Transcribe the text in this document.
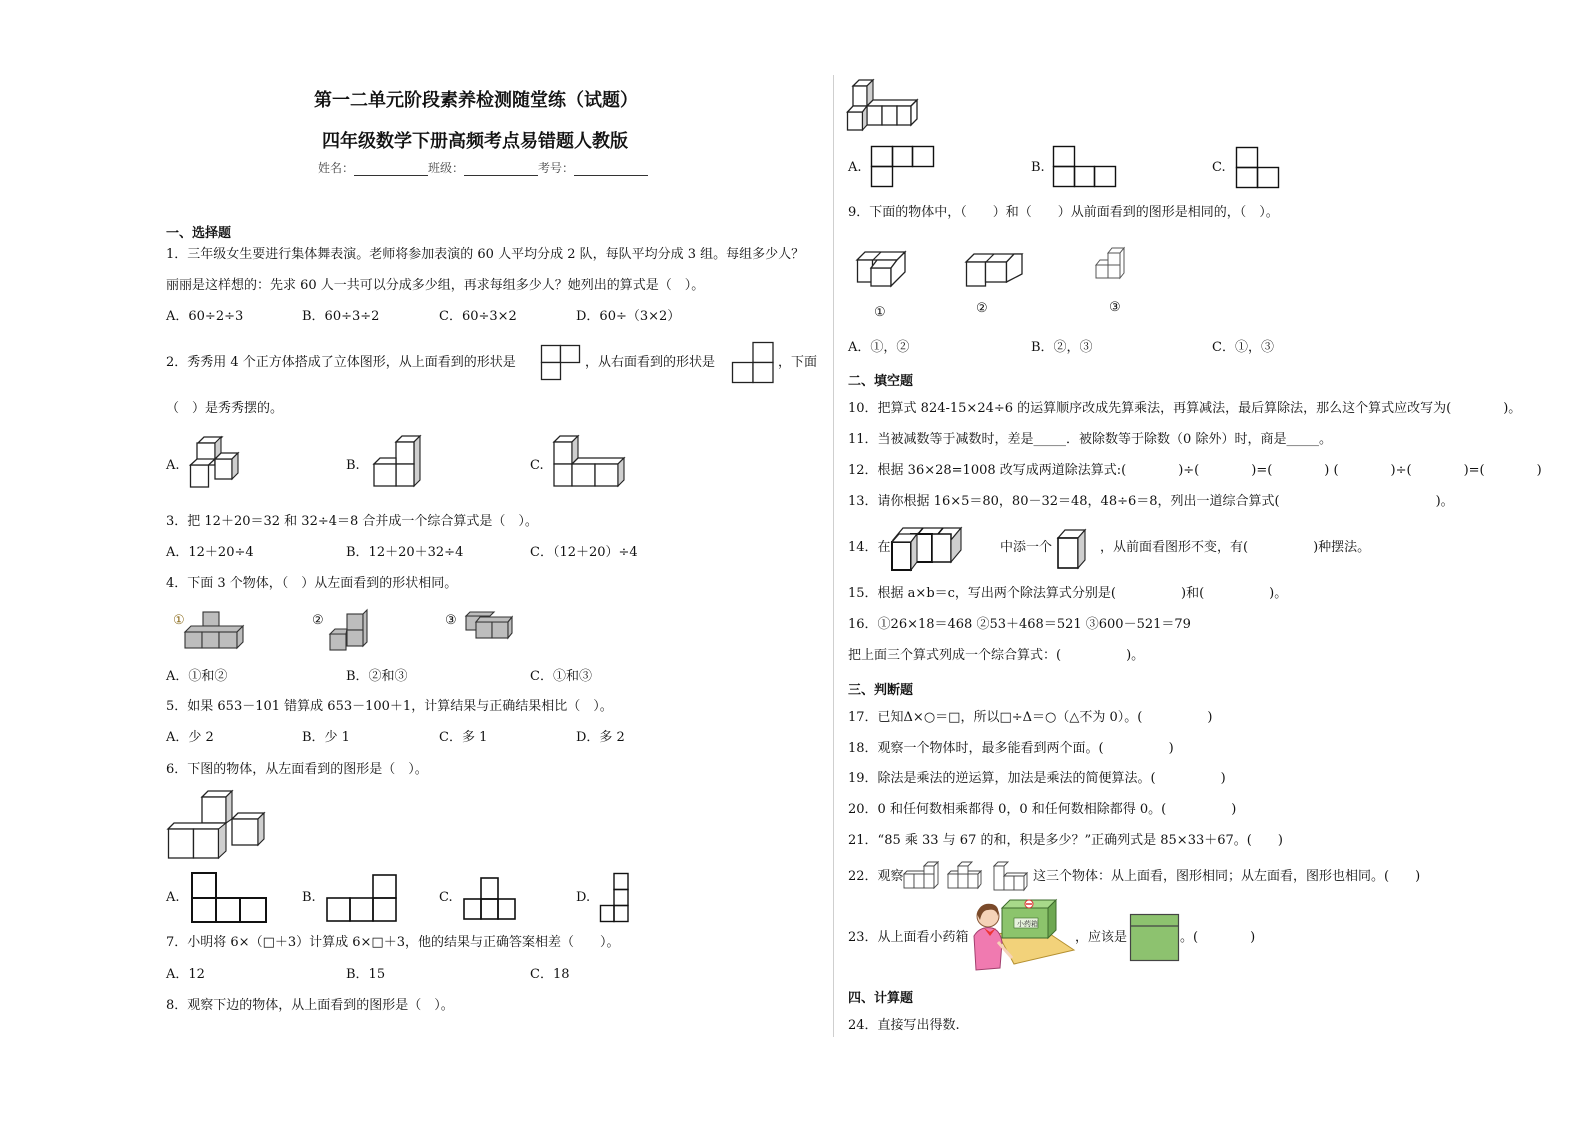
第一二单元阶段素养检测随堂练（试题）
四年级数学下册高频考点易错题人教版
姓名：	班级：	考号：
一、选择题
1．三年级女生要进行集体舞表演。老师将参加表演的 60 人平均分成 2 队，每队平均分成 3 组。每组多少人？
丽丽是这样想的：先求 60 人一共可以分成多少组，再求每组多少人？她列出的算式是（　）。
A．60÷2÷3	B．60÷3÷2	C．60÷3×2	D．60÷（3×2）
2．秀秀用 4 个正方体搭成了立体图形，从上面看到的形状是	，从右面看到的形状是	，下面
（　）是秀秀摆的。
A.	B.	C.
3．把 12＋20＝32 和 32÷4＝8 合并成一个综合算式是（　）。
A．12＋20÷4	B．12＋20＋32÷4	C．（12＋20）÷4
4．下面 3 个物体，（　）从左面看到的形状相同。
①	②	③
A．①和②	B．②和③	C．①和③
5．如果 653－101 错算成 653－100＋1，计算结果与正确结果相比（　）。
A．少 2	B．少 1	C．多 1	D．多 2
6．下图的物体，从左面看到的图形是（　）。
A.	B.	C.	D.
7．小明将 6×（□＋3）计算成 6×□＋3，他的结果与正确答案相差（　　）。
A．12	B．15	C．18
8．观察下边的物体，从上面看到的图形是（　）。
A.	B.	C.
9．下面的物体中，（　　）和（　　）从前面看到的图形是相同的，（　）。
①	②	③
A．①，②	B．②，③	C．①，③
二、填空题
10．把算式 824-15×24÷6 的运算顺序改成先算乘法，再算减法，最后算除法，那么这个算式应改写为(　　　　)。
11．当被减数等于减数时，差是_____．被除数等于除数（0 除外）时，商是_____。
12．根据 36×28=1008 改写成两道除法算式:(　　　　)÷(　　　　)=(　　　　) (　　　　)÷(　　　　)=(　　　　)
13．请你根据 16×5＝80，80－32＝48，48÷6＝8，列出一道综合算式(　　　　　　　　　　　　)。
14．在	中添一个	，从前面看图形不变，有(　　　　　)种摆法。
15．根据 a×b＝c，写出两个除法算式分别是(　　　　　)和(　　　　　)。
16．①26×18＝468 ②53＋468＝521 ③600－521＝79
把上面三个算式列成一个综合算式：(　　　　　)。
三、判断题
17．已知Δ×○＝□，所以□÷Δ＝○（△不为 0）。(　　　　　)
18．观察一个物体时，最多能看到两个面。(　　　　　)
19．除法是乘法的逆运算，加法是乘法的简便算法。(　　　　　)
20．0 和任何数相乘都得 0，0 和任何数相除都得 0。(　　　　　)
21．“85 乘 33 与 67 的和，积是多少？”正确列式是 85×33＋67。(　　)
22．观察	这三个物体：从上面看，图形相同；从左面看，图形也相同。(　　)
23．从上面看小药箱
小药箱
，应该是	。(　　　　)
四、计算题
24．直接写出得数.
